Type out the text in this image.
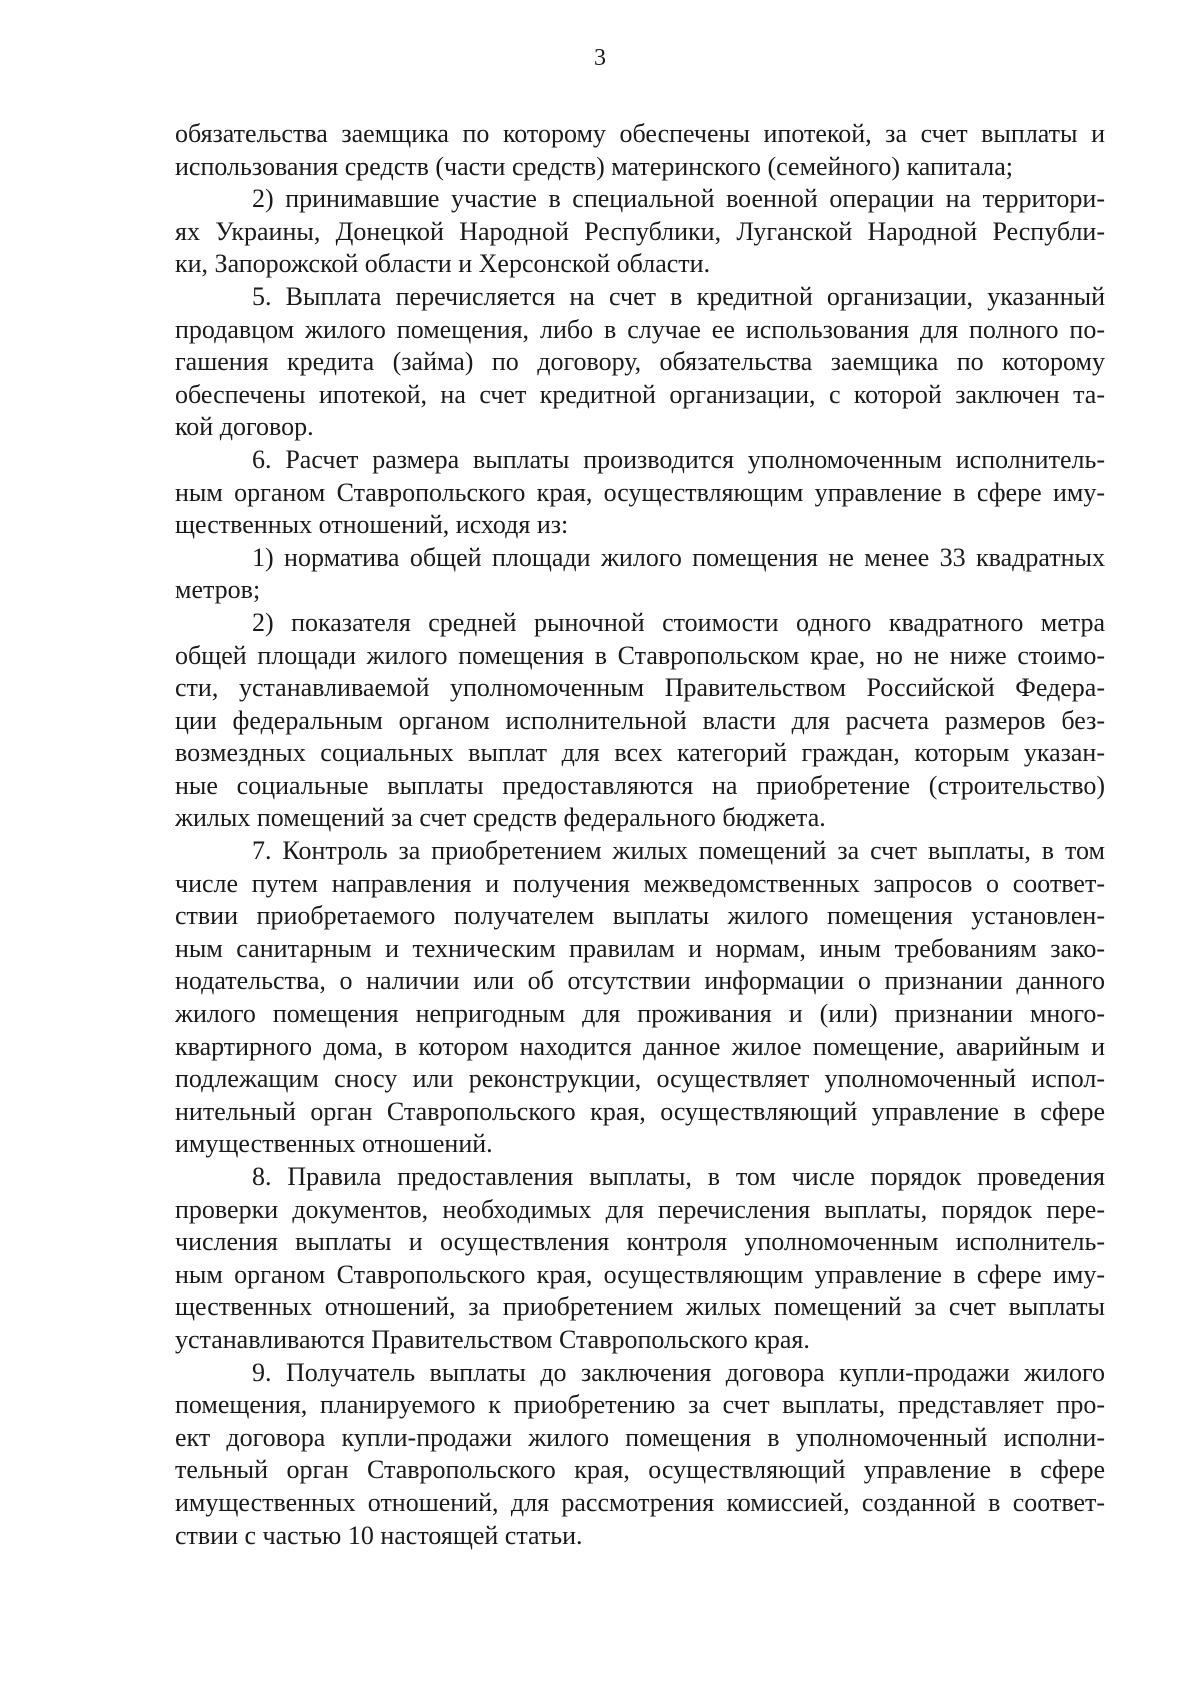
3
обязательства заемщика по которому обеспечены ипотекой, за счет выплаты и
использования средств (части средств) материнского (семейного) капитала;
2) принимавшие участие в специальной военной операции на территори-
ях Украины, Донецкой Народной Республики, Луганской Народной Республи-
ки, Запорожской области и Херсонской области.
5. Выплата перечисляется на счет в кредитной организации, указанный
продавцом жилого помещения, либо в случае ее использования для полного по-
гашения кредита (займа) по договору, обязательства заемщика по которому
обеспечены ипотекой, на счет кредитной организации, с которой заключен та-
кой договор.
6. Расчет размера выплаты производится уполномоченным исполнитель-
ным органом Ставропольского края, осуществляющим управление в сфере иму-
щественных отношений, исходя из:
1) норматива общей площади жилого помещения не менее 33 квадратных
метров;
2) показателя средней рыночной стоимости одного квадратного метра
общей площади жилого помещения в Ставропольском крае, но не ниже стоимо-
сти, устанавливаемой уполномоченным Правительством Российской Федера-
ции федеральным органом исполнительной власти для расчета размеров без-
возмездных социальных выплат для всех категорий граждан, которым указан-
ные социальные выплаты предоставляются на приобретение (строительство)
жилых помещений за счет средств федерального бюджета.
7. Контроль за приобретением жилых помещений за счет выплаты, в том
числе путем направления и получения межведомственных запросов о соответ-
ствии приобретаемого получателем выплаты жилого помещения установлен-
ным санитарным и техническим правилам и нормам, иным требованиям зако-
нодательства, о наличии или об отсутствии информации о признании данного
жилого помещения непригодным для проживания и (или) признании много-
квартирного дома, в котором находится данное жилое помещение, аварийным и
подлежащим сносу или реконструкции, осуществляет уполномоченный испол-
нительный орган Ставропольского края, осуществляющий управление в сфере
имущественных отношений.
8. Правила предоставления выплаты, в том числе порядок проведения
проверки документов, необходимых для перечисления выплаты, порядок пере-
числения выплаты и осуществления контроля уполномоченным исполнитель-
ным органом Ставропольского края, осуществляющим управление в сфере иму-
щественных отношений, за приобретением жилых помещений за счет выплаты
устанавливаются Правительством Ставропольского края.
9. Получатель выплаты до заключения договора купли-продажи жилого
помещения, планируемого к приобретению за счет выплаты, представляет про-
ект договора купли-продажи жилого помещения в уполномоченный исполни-
тельный орган Ставропольского края, осуществляющий управление в сфере
имущественных отношений, для рассмотрения комиссией, созданной в соответ-
ствии с частью 10 настоящей статьи.
